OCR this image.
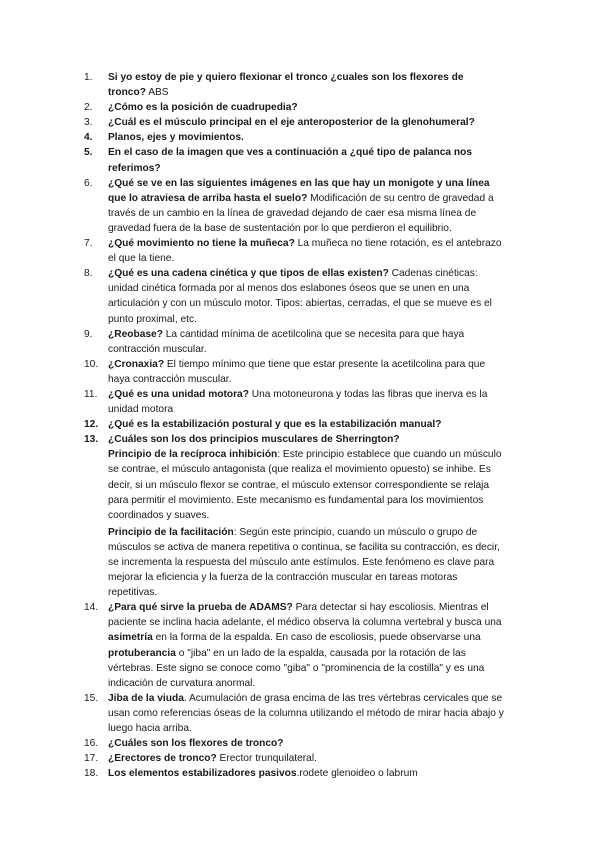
1.	Si yo estoy de pie y quiero flexionar el tronco ¿cuales son los flexores de tronco? ABS
2.	¿Cómo es la posición de cuadrupedia?
3.	¿Cuál es el músculo principal en el eje anteroposterior de la glenohumeral?
4.	Planos, ejes y movimientos.
5.	En el caso de la imagen que ves a continuación a ¿qué tipo de palanca nos referimos?
6.	¿Qué se ve en las siguientes imágenes en las que hay un monigote y una línea que lo atraviesa de arriba hasta el suelo? Modificación de su centro de gravedad a través de un cambio en la línea de gravedad dejando de caer esa misma línea de gravedad fuera de la base de sustentación por lo que perdieron el equilibrio.
7.	¿Qué movimiento no tiene la muñeca? La muñeca no tiene rotación, es el antebrazo el que la tiene.
8.	¿Qué es una cadena cinética y que tipos de ellas existen? Cadenas cinéticas: unidad cinética formada por al menos dos eslabones óseos que se unen en una articulación y con un músculo motor. Tipos: abiertas, cerradas, el que se mueve es el punto proximal, etc.
9.	¿Reobase? La cantidad mínima de acetilcolina que se necesita para que haya contracción muscular.
10. ¿Cronaxia? El tiempo mínimo que tiene que estar presente la acetilcolina para que haya contracción muscular.
11.	¿Qué es una unidad motora? Una motoneurona y todas las fibras que inerva es la unidad motora
12. ¿Qué es la estabilización postural y que es la estabilización manual?
13. ¿Cuáles son los dos principios musculares de Sherrington?
Principio de la recíproca inhibición: Este principio establece que cuando un músculo se contrae, el músculo antagonista (que realiza el movimiento opuesto) se inhibe. Es decir, si un músculo flexor se contrae, el músculo extensor correspondiente se relaja para permitir el movimiento. Este mecanismo es fundamental para los movimientos coordinados y suaves.
Principio de la facilitación: Según este principio, cuando un músculo o grupo de músculos se activa de manera repetitiva o continua, se facilita su contracción, es decir, se incrementa la respuesta del músculo ante estímulos. Este fenómeno es clave para mejorar la eficiencia y la fuerza de la contracción muscular en tareas motoras repetitivas.
14. ¿Para qué sirve la prueba de ADAMS? Para detectar si hay escoliosis. Mientras el paciente se inclina hacia adelante, el médico observa la columna vertebral y busca una asimetría en la forma de la espalda. En caso de escoliosis, puede observarse una protuberancia o "jiba" en un lado de la espalda, causada por la rotación de las vértebras. Este signo se conoce como "giba" o "prominencia de la costilla" y es una indicación de curvatura anormal.
15. Jiba de la viuda. Acumulación de grasa encima de las tres vértebras cervicales que se usan como referencias óseas de la columna utilizando el método de mirar hacia abajo y luego hacia arriba.
16. ¿Cuáles son los flexores de tronco?
17. ¿Erectores de tronco? Erector trunquilateral.
18. Los elementos estabilizadores pasivos.rodete glenoideo o labrum
